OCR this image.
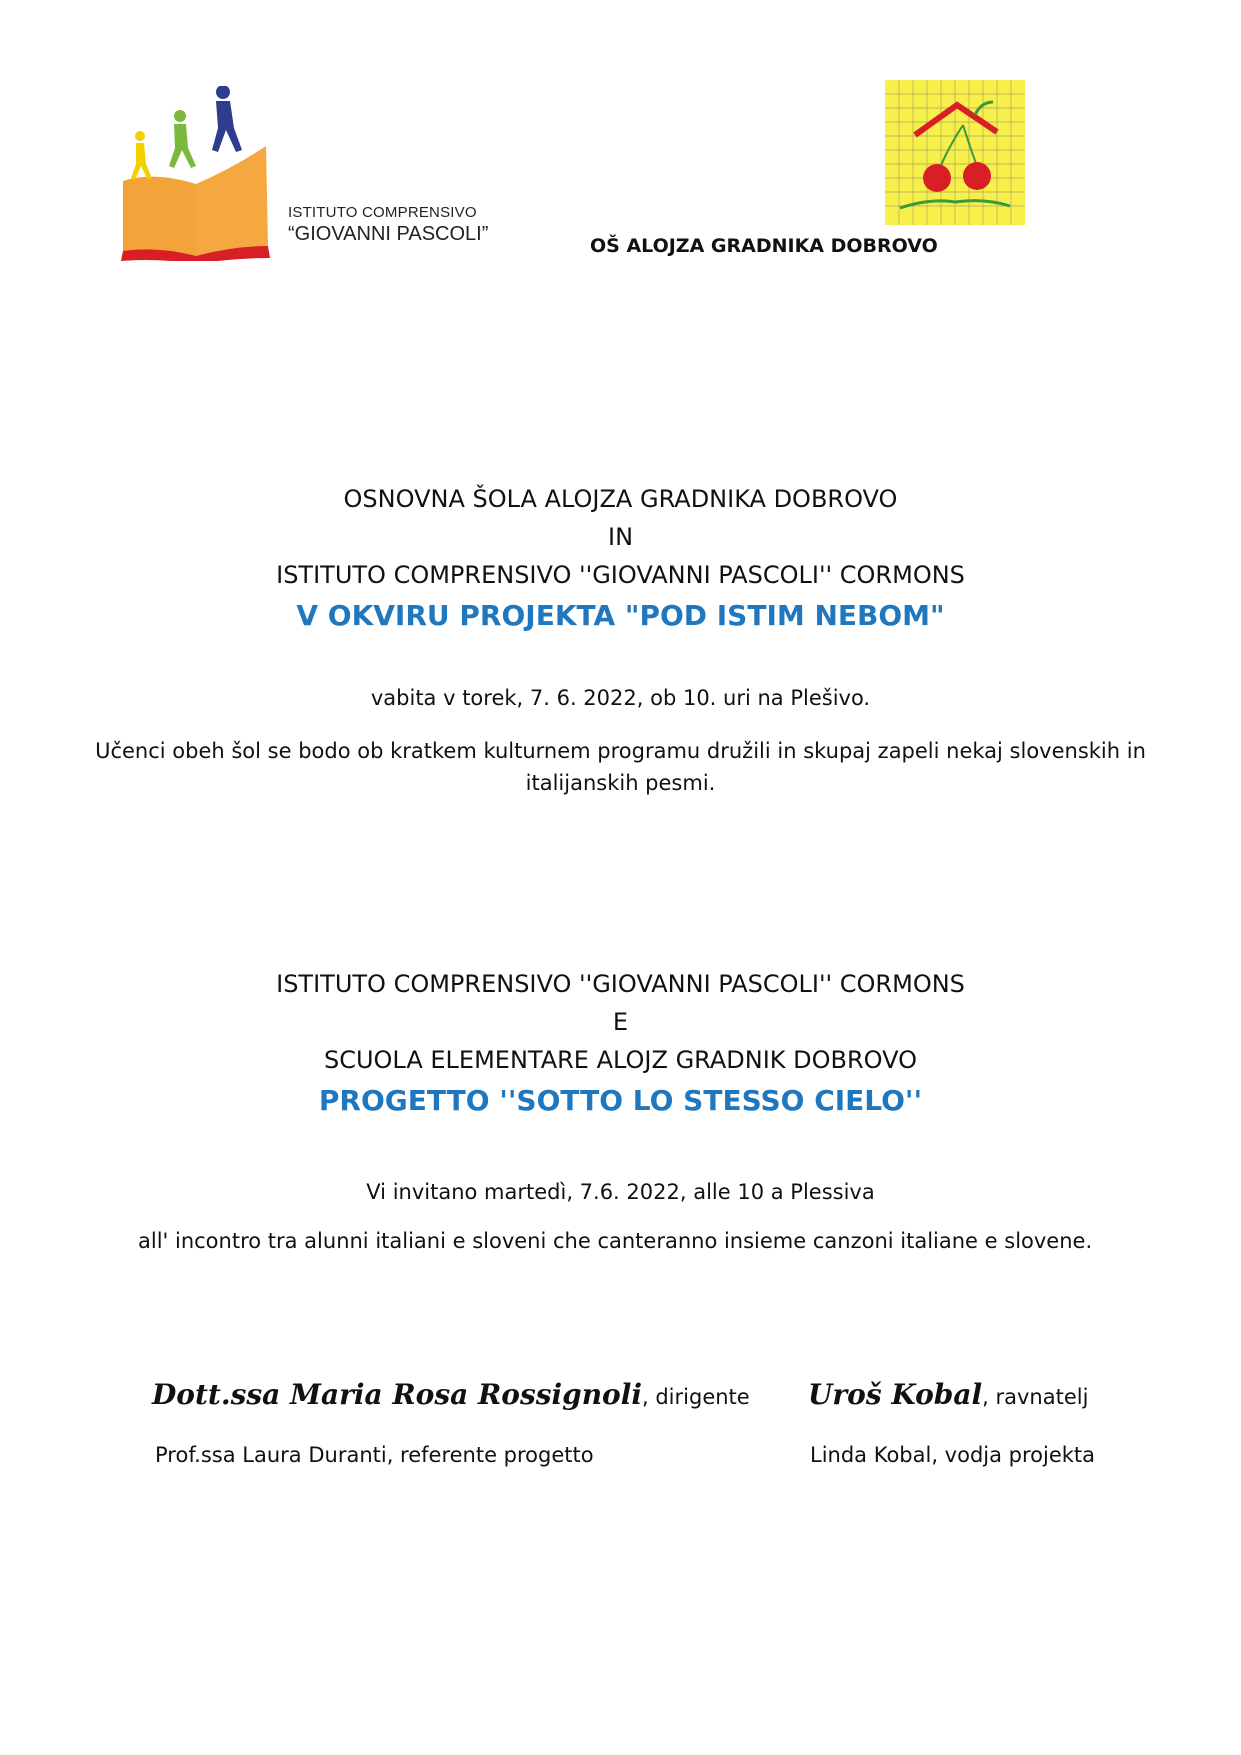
ISTITUTO COMPRENSIVO
“GIOVANNI PASCOLI”
OŠ ALOJZA GRADNIKA DOBROVO
OSNOVNA ŠOLA ALOJZA GRADNIKA DOBROVO
IN
ISTITUTO COMPRENSIVO ''GIOVANNI PASCOLI'' CORMONS
V OKVIRU PROJEKTA "POD ISTIM NEBOM"
vabita v torek, 7. 6. 2022, ob 10. uri na Plešivo.
Učenci obeh šol se bodo ob kratkem kulturnem programu družili in skupaj zapeli nekaj slovenskih in
italijanskih pesmi.
ISTITUTO COMPRENSIVO ''GIOVANNI PASCOLI'' CORMONS
E
SCUOLA ELEMENTARE ALOJZ GRADNIK DOBROVO
PROGETTO ''SOTTO LO STESSO CIELO''
Vi invitano martedì, 7.6. 2022, alle 10 a Plessiva
all' incontro tra alunni italiani e sloveni che canteranno insieme canzoni italiane e slovene.
Dott.ssa Maria Rosa Rossignoli, dirigente
Prof.ssa Laura Duranti, referente progetto
Uroš Kobal, ravnatelj
Linda Kobal, vodja projekta
